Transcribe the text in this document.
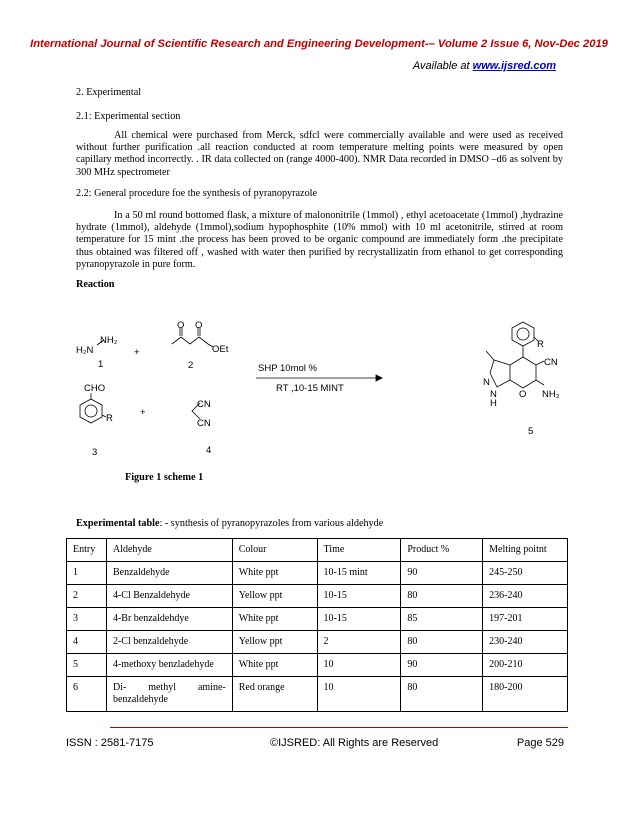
International Journal of Scientific Research and Engineering Development-– Volume 2 Issue 6, Nov-Dec 2019
Available at www.ijsred.com
2. Experimental
2.1: Experimental section
All chemical were purchased from Merck, sdfcl were commercially available and were used as received without further purification .all reaction conducted at room temperature melting points were measured by open capillary method incorrectly. . IR data collected on (range 4000-400). NMR Data recorded in DMSO –d6 as solvent by 300 MHz spectrometer
2.2: General procedure foe the synthesis of pyranopyrazole
In a 50 ml round bottomed flask, a mixture of malononitrile (1mmol) , ethyl acetoacetate (1mmol) ,hydrazine hydrate (1mmol), aldehyde (1mmol),sodium hypophosphite (10% mmol) with 10 ml acetonitrile, stirred at room temperature for 15 mint .the process has been proved to be organic compound are immediately form .the precipitate thus obtained was filtered off , washed with water then purified by recrystallizatin from ethanol to get corresponding pyranopyrazole in pure form.
Reaction
H₂N
NH₂
1
+
O O
OEt
2
CHO
R
3
+
CN
CN
4
SHP 10mol %
RT ,10-15 MINT
R
CN
N
N
H
O NH₂
5
Figure 1 scheme 1
Experimental table: - synthesis of pyranopyrazoles from various aldehyde
Entry	Aldehyde	Colour	Time	Product %	Melting poitnt
1	Benzaldehyde	White ppt	10-15 mint	90	245-250
2	4-Cl Benzaldehyde	Yellow ppt	10-15	80	236-240
3	4-Br benzaldehdye	White ppt	10-15	85	197-201
4	2-Cl benzaldehyde	Yellow ppt	2	80	230-240
5	4-methoxy benzladehyde	White ppt	10	90	200-210
6	Di- methyl amine-benzaldehyde	Red orange	10	80	180-200
ISSN : 2581-7175	©IJSRED: All Rights are Reserved	Page 529
